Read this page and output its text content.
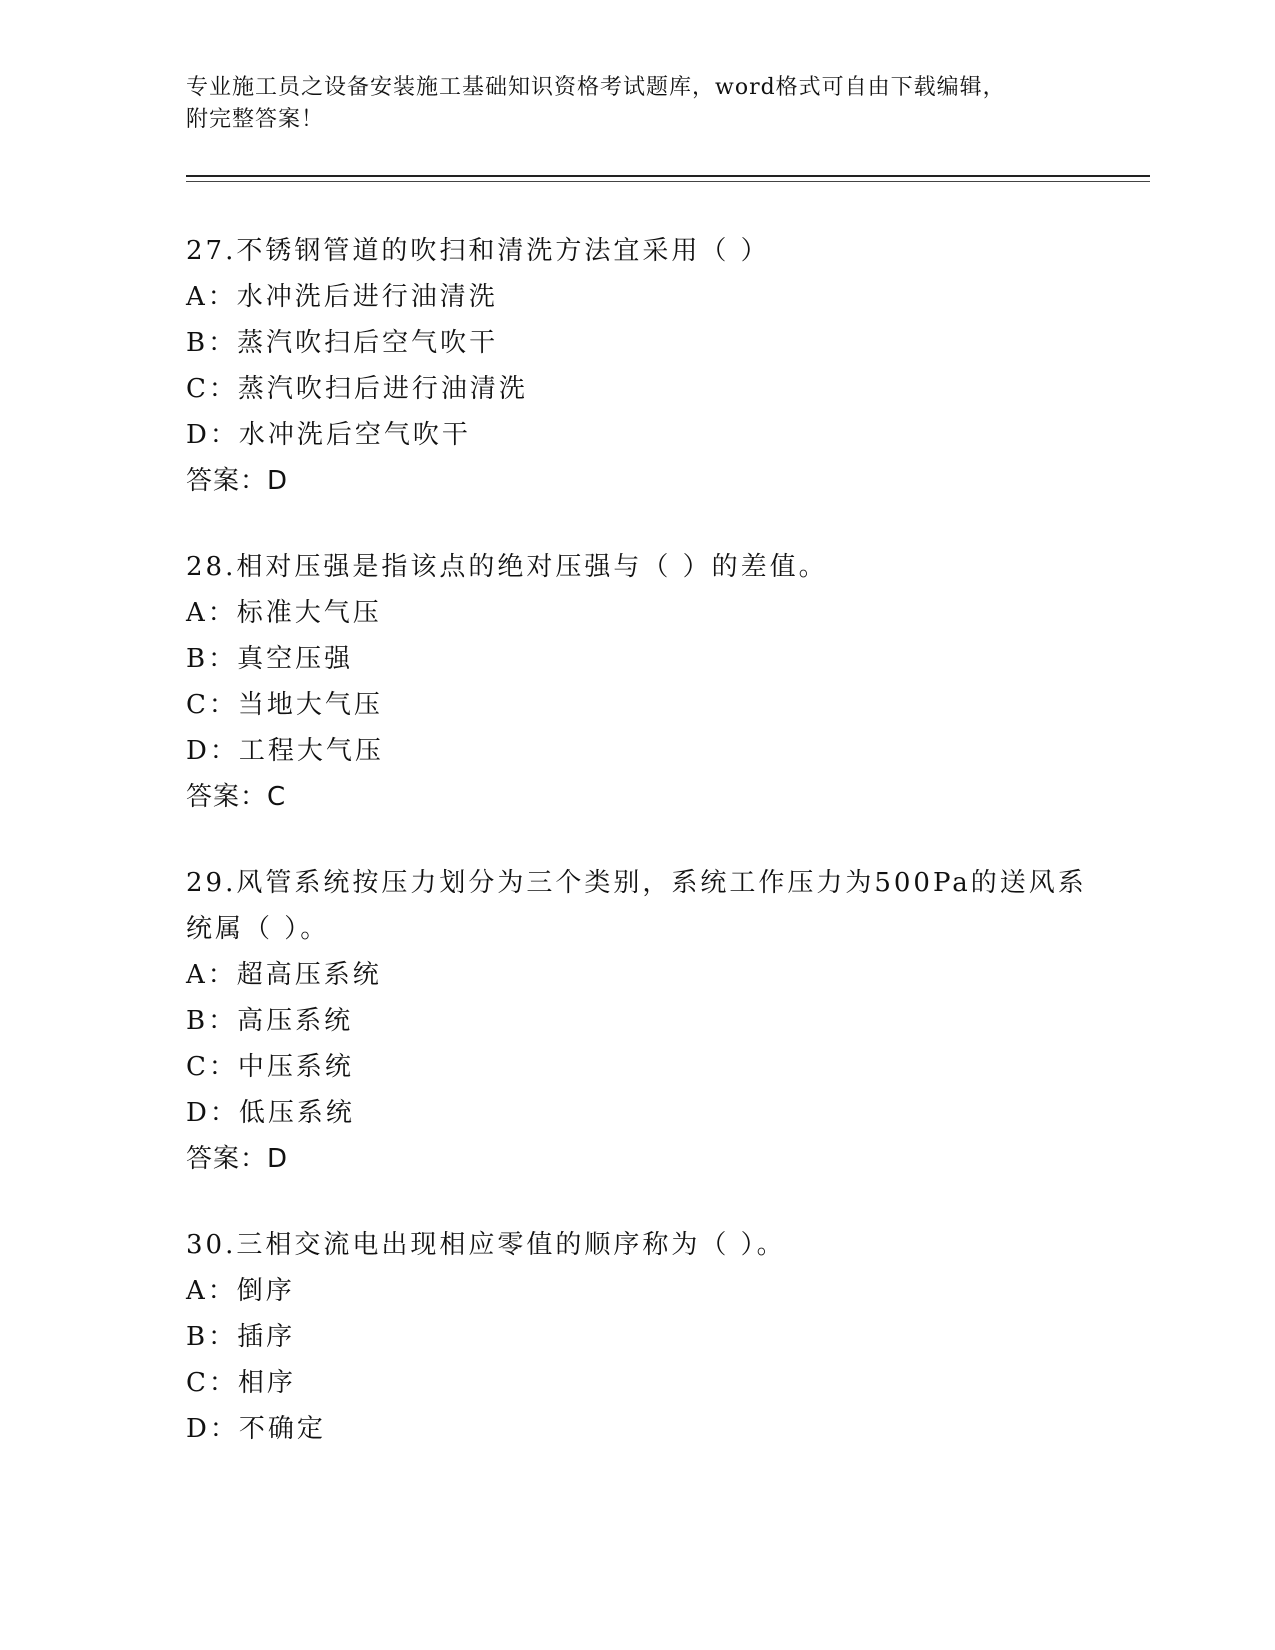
专业施工员之设备安装施工基础知识资格考试题库，word格式可自由下载编辑，
附完整答案！
27.不锈钢管道的吹扫和清洗方法宜采用（ ）
A：水冲洗后进行油清洗
B：蒸汽吹扫后空气吹干
C：蒸汽吹扫后进行油清洗
D：水冲洗后空气吹干
答案：D
28.相对压强是指该点的绝对压强与（ ）的差值。
A：标准大气压
B：真空压强
C：当地大气压
D：工程大气压
答案：C
29.风管系统按压力划分为三个类别，系统工作压力为500Pa的送风系
统属（ ）。
A：超高压系统
B：高压系统
C：中压系统
D：低压系统
答案：D
30.三相交流电出现相应零值的顺序称为（ ）。
A：倒序
B：插序
C：相序
D：不确定
